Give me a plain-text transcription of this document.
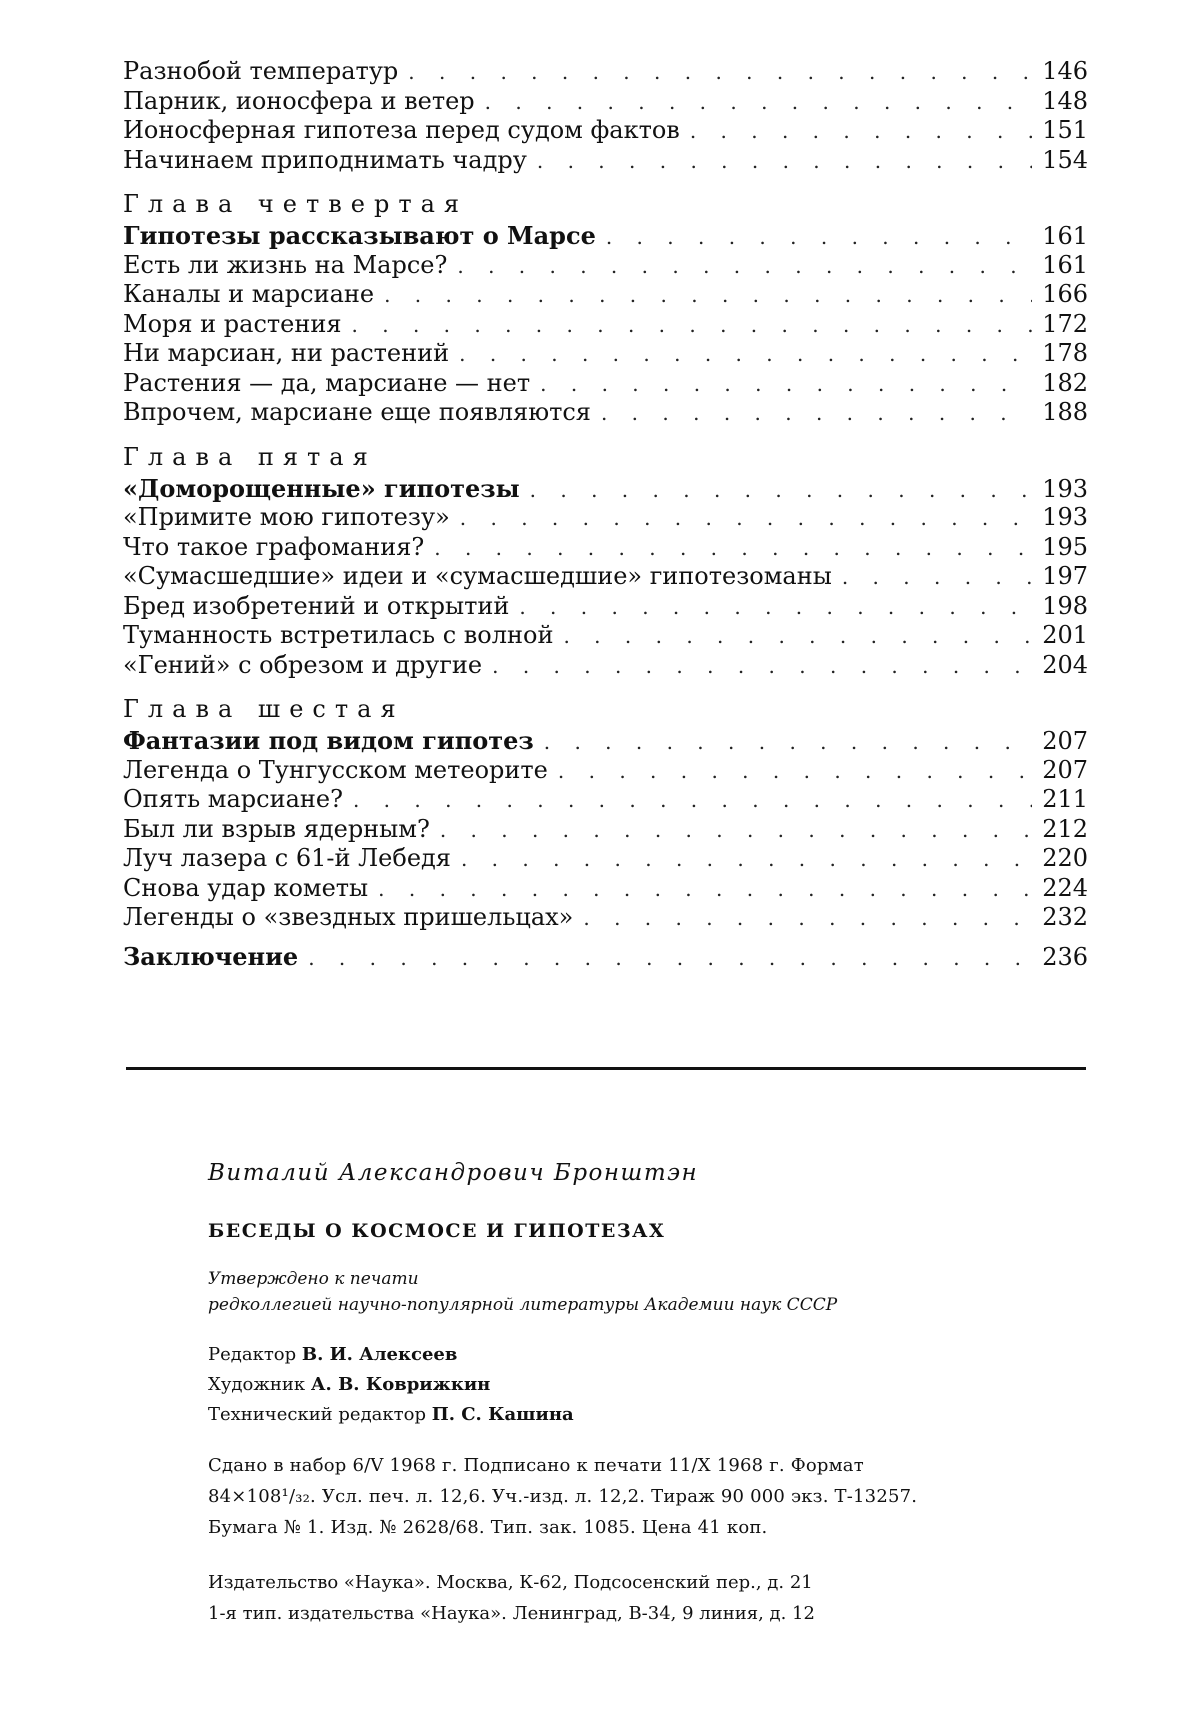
Разнобой температур . . .	146
Парник, ионосфера и ветер . . .	148
Ионосферная гипотеза перед судом фактов . . .	151
Начинаем приподнимать чадру . . .	154
Глава четвертая
Гипотезы рассказывают о Марсе . . .	161
Есть ли жизнь на Марсе? . . .	161
Каналы и марсиане . . .	166
Моря и растения . . .	172
Ни марсиан, ни растений . . .	178
Растения — да, марсиане — нет . . .	182
Впрочем, марсиане еще появляются . . .	188
Глава пятая
«Доморощенные» гипотезы . . .	193
«Примите мою гипотезу» . . .	193
Что такое графомания? . . .	195
«Сумасшедшие» идеи и «сумасшедшие» гипотезоманы . . .	197
Бред изобретений и открытий . . .	198
Туманность встретилась с волной . . .	201
«Гений» с обрезом и другие . . .	204
Глава шестая
Фантазии под видом гипотез . . .	207
Легенда о Тунгусском метеорите . . .	207
Опять марсиане? . . .	211
Был ли взрыв ядерным? . . .	212
Луч лазера с 61-й Лебедя . . .	220
Снова удар кометы . . .	224
Легенды о «звездных пришельцах» . . .	232
Заключение . . .	236

Виталий Александрович Бронштэн

БЕСЕДЫ О КОСМОСЕ И ГИПОТЕЗАХ

Утверждено к печати
редколлегией научно-популярной литературы Академии наук СССР

Редактор В. И. Алексеев
Художник А. В. Коврижкин
Технический редактор П. С. Кашина

Сдано в набор 6/V 1968 г. Подписано к печати 11/X 1968 г. Формат
84×108¹/₃₂. Усл. печ. л. 12,6. Уч.-изд. л. 12,2. Тираж 90 000 экз. Т-13257.
Бумага № 1. Изд. № 2628/68. Тип. зак. 1085. Цена 41 коп.

Издательство «Наука». Москва, К-62, Подсосенский пер., д. 21
1-я тип. издательства «Наука». Ленинград, В-34, 9 линия, д. 12
